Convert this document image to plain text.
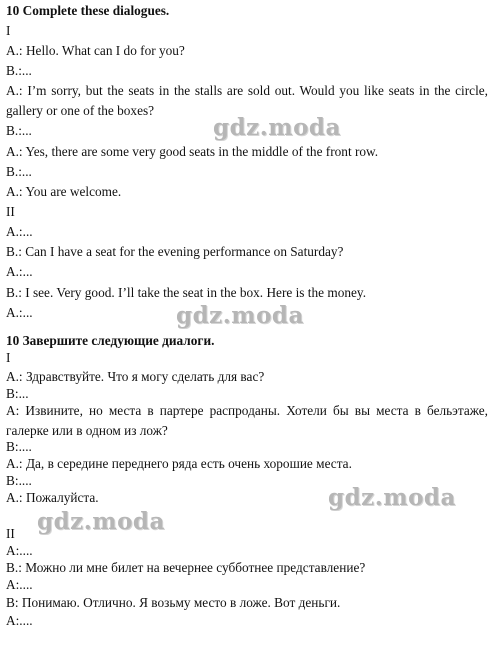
10 Complete these dialogues.
I
A.: Hello. What can I do for you?
B.:...
A.: I’m sorry, but the seats in the stalls are sold out. Would you like seats in the circle, gallery or one of the boxes?
B.:...
A.: Yes, there are some very good seats in the middle of the front row.
B.:...
A.: You are welcome.
II
A.:...
B.: Can I have a seat for the evening performance on Saturday?
A.:...
B.: I see. Very good. I’ll take the seat in the box. Here is the money.
A.:...
10 Завершите следующие диалоги.
I
А.: Здравствуйте. Что я могу сделать для вас?
В:...
А: Извините, но места в партере распроданы. Хотели бы вы места в бельэтаже, галерке или в одном из лож?
В:....
А.: Да, в середине переднего ряда есть очень хорошие места.
В:....
А.: Пожалуйста.
II
А:....
В.: Можно ли мне билет на вечернее субботнее представление?
А:....
В: Понимаю. Отлично. Я возьму место в ложе. Вот деньги.
А:....
gdz.moda
gdz.moda
gdz.moda
gdz.moda
